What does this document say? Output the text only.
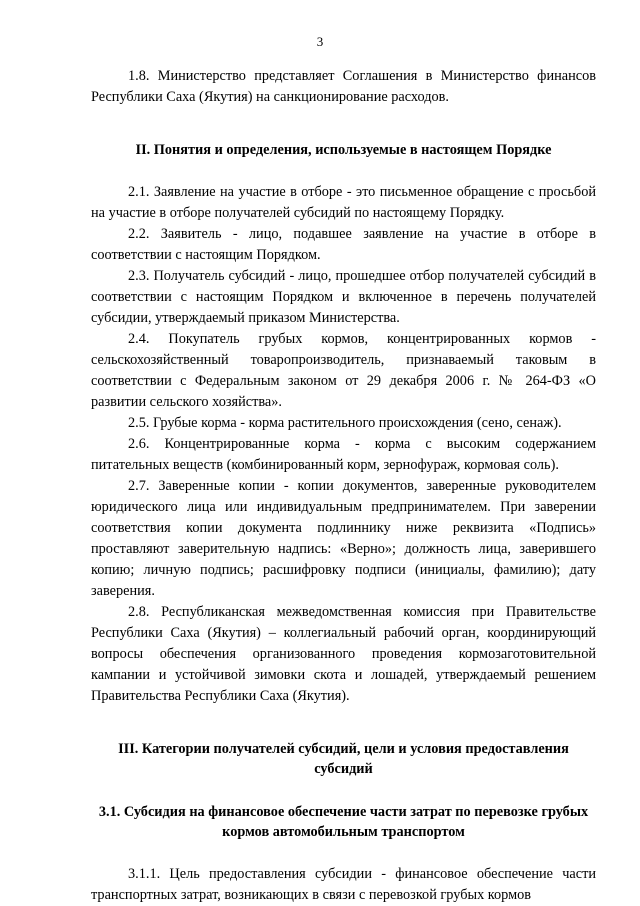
3

1.8. Министерство представляет Соглашения в Министерство финансов Республики Саха (Якутия) на санкционирование расходов.

II. Понятия и определения, используемые в настоящем Порядке

2.1. Заявление на участие в отборе - это письменное обращение с просьбой на участие в отборе получателей субсидий по настоящему Порядку.

2.2. Заявитель - лицо, подавшее заявление на участие в отборе в соответствии с настоящим Порядком.

2.3. Получатель субсидий - лицо, прошедшее отбор получателей субсидий в соответствии с настоящим Порядком и включенное в перечень получателей субсидии, утверждаемый приказом Министерства.

2.4. Покупатель грубых кормов, концентрированных кормов - сельскохозяйственный товаропроизводитель, признаваемый таковым в соответствии с Федеральным законом от 29 декабря 2006 г. № 264-ФЗ «О развитии сельского хозяйства».

2.5. Грубые корма - корма растительного происхождения (сено, сенаж).

2.6. Концентрированные корма - корма с высоким содержанием питательных веществ (комбинированный корм, зернофураж, кормовая соль).

2.7. Заверенные копии - копии документов, заверенные руководителем юридического лица или индивидуальным предпринимателем. При заверении соответствия копии документа подлиннику ниже реквизита «Подпись» проставляют заверительную надпись: «Верно»; должность лица, заверившего копию; личную подпись; расшифровку подписи (инициалы, фамилию); дату заверения.

2.8. Республиканская межведомственная комиссия при Правительстве Республики Саха (Якутия) – коллегиальный рабочий орган, координирующий вопросы обеспечения организованного проведения кормозаготовительной кампании и устойчивой зимовки скота и лошадей, утверждаемый решением Правительства Республики Саха (Якутия).

III. Категории получателей субсидий, цели и условия предоставления субсидий

3.1. Субсидия на финансовое обеспечение части затрат по перевозке грубых кормов автомобильным транспортом

3.1.1. Цель предоставления субсидии - финансовое обеспечение части транспортных затрат, возникающих в связи с перевозкой грубых кормов
